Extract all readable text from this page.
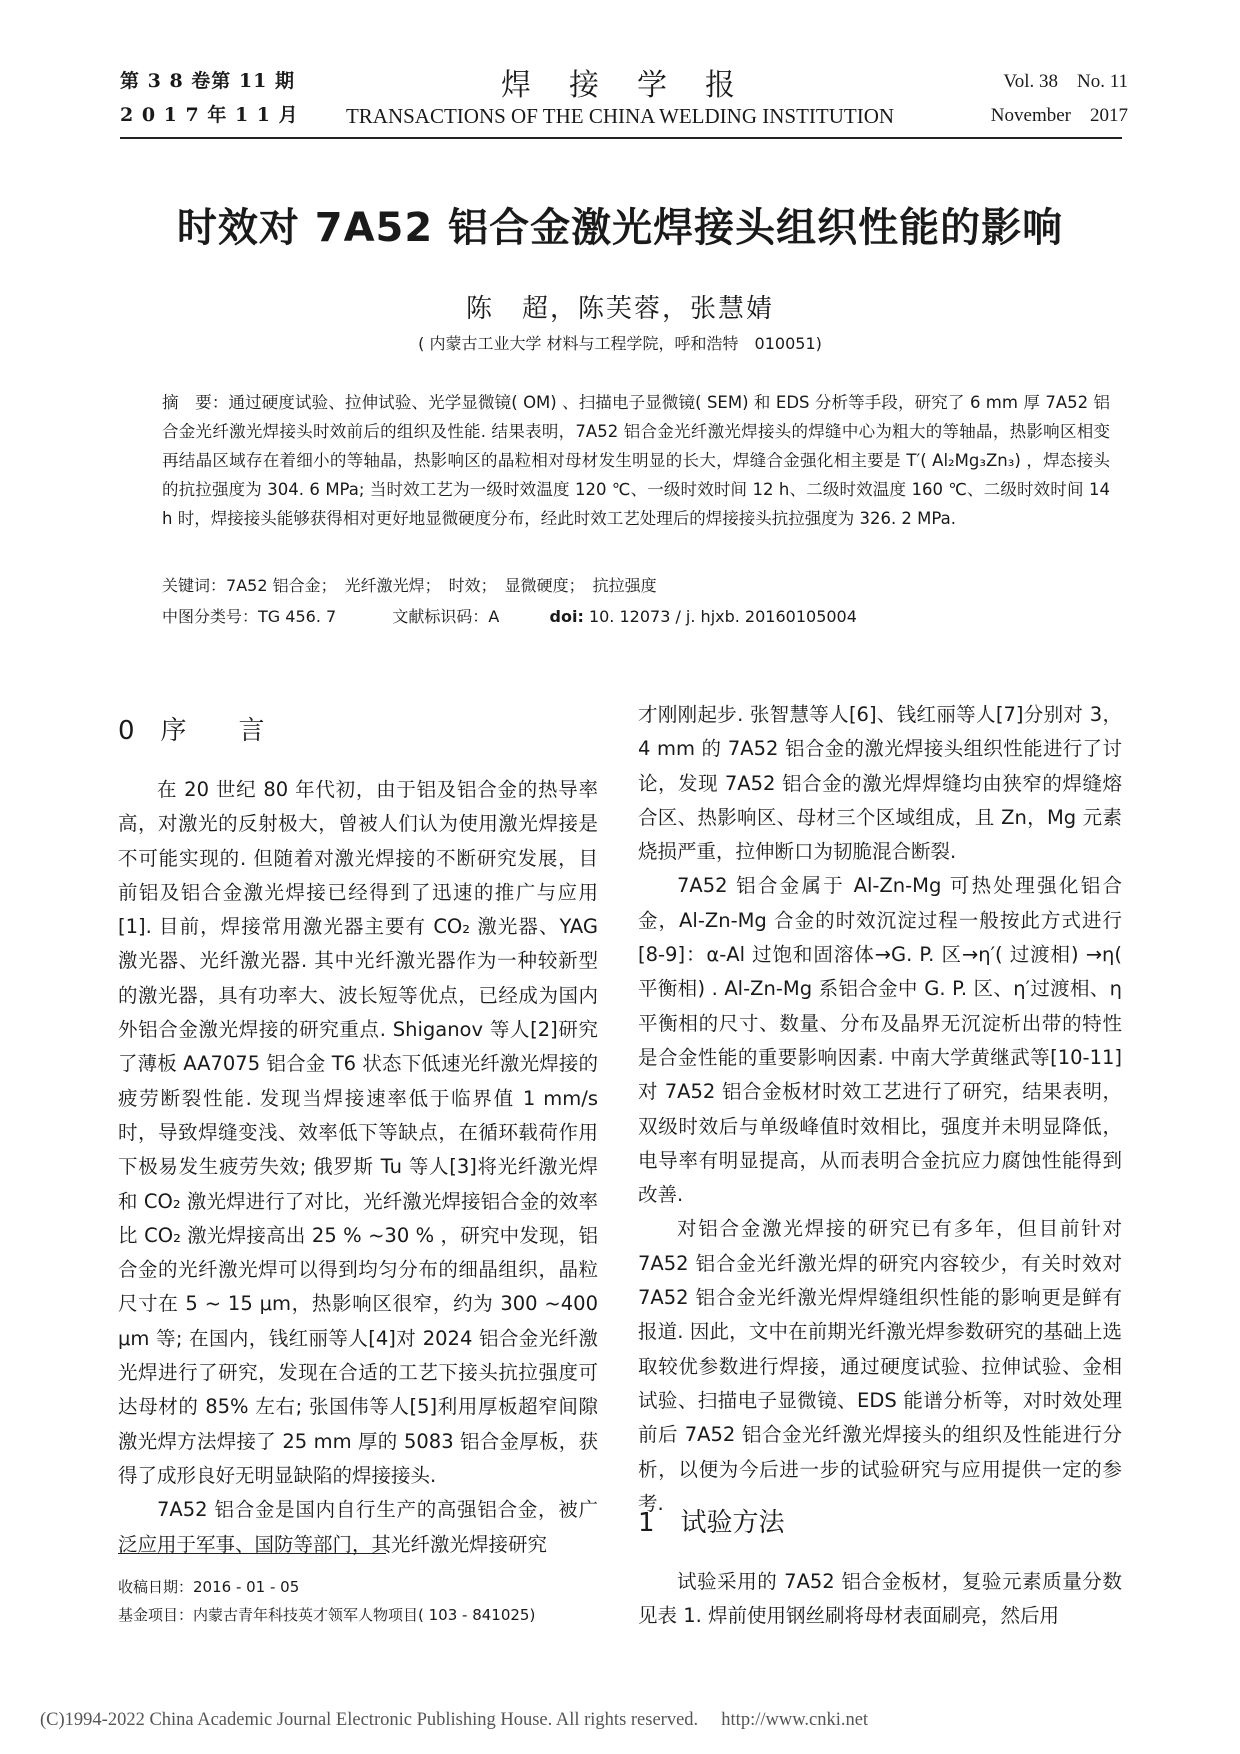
第 3 8 卷第 11 期
2 0 1 7 年 1 1 月
焊　接　学　报
TRANSACTIONS OF THE CHINA WELDING INSTITUTION
Vol. 38　No. 11
November　2017
时效对 7A52 铝合金激光焊接头组织性能的影响
陈　超，陈芙蓉，张慧婧
( 内蒙古工业大学 材料与工程学院，呼和浩特　010051)
摘　要：通过硬度试验、拉伸试验、光学显微镜( OM) 、扫描电子显微镜( SEM) 和 EDS 分析等手段，研究了 6 mm 厚 7A52 铝合金光纤激光焊接头时效前后的组织及性能. 结果表明，7A52 铝合金光纤激光焊接头的焊缝中心为粗大的等轴晶，热影响区相变再结晶区域存在着细小的等轴晶，热影响区的晶粒相对母材发生明显的长大，焊缝合金强化相主要是 T′( Al₂Mg₃Zn₃) ，焊态接头的抗拉强度为 304. 6 MPa; 当时效工艺为一级时效温度 120 ℃、一级时效时间 12 h、二级时效温度 160 ℃、二级时效时间 14 h 时，焊接接头能够获得相对更好地显微硬度分布，经此时效工艺处理后的焊接接头抗拉强度为 326. 2 MPa.
关键词：7A52 铝合金；　光纤激光焊；　时效；　显微硬度；　抗拉强度
中图分类号：TG 456. 7	文献标识码：A	doi: 10. 12073 / j. hjxb. 20160105004
0　序　　言

在 20 世纪 80 年代初，由于铝及铝合金的热导率高，对激光的反射极大，曾被人们认为使用激光焊接是不可能实现的. 但随着对激光焊接的不断研究发展，目前铝及铝合金激光焊接已经得到了迅速的推广与应用[1]. 目前，焊接常用激光器主要有 CO₂ 激光器、YAG 激光器、光纤激光器. 其中光纤激光器作为一种较新型的激光器，具有功率大、波长短等优点，已经成为国内外铝合金激光焊接的研究重点. Shiganov 等人[2]研究了薄板 AA7075 铝合金 T6 状态下低速光纤激光焊接的疲劳断裂性能. 发现当焊接速率低于临界值 1 mm/s 时，导致焊缝变浅、效率低下等缺点，在循环载荷作用下极易发生疲劳失效; 俄罗斯 Tu 等人[3]将光纤激光焊和 CO₂ 激光焊进行了对比，光纤激光焊接铝合金的效率比 CO₂ 激光焊接高出 25 % ~30 % ，研究中发现，铝合金的光纤激光焊可以得到均匀分布的细晶组织，晶粒尺寸在 5 ~ 15 μm，热影响区很窄，约为 300 ~400 μm 等; 在国内，钱红丽等人[4]对 2024 铝合金光纤激光焊进行了研究，发现在合适的工艺下接头抗拉强度可达母材的 85% 左右; 张国伟等人[5]利用厚板超窄间隙激光焊方法焊接了 25 mm 厚的 5083 铝合金厚板，获得了成形良好无明显缺陷的焊接接头.

7A52 铝合金是国内自行生产的高强铝合金，被广泛应用于军事、国防等部门，其光纤激光焊接研究

收稿日期：2016 - 01 - 05
基金项目：内蒙古青年科技英才领军人物项目( 103 - 841025)

才刚刚起步. 张智慧等人[6]、钱红丽等人[7]分别对 3，4 mm 的 7A52 铝合金的激光焊接头组织性能进行了讨论，发现 7A52 铝合金的激光焊焊缝均由狭窄的焊缝熔合区、热影响区、母材三个区域组成，且 Zn，Mg 元素烧损严重，拉伸断口为韧脆混合断裂.

7A52 铝合金属于 Al-Zn-Mg 可热处理强化铝合金，Al-Zn-Mg 合金的时效沉淀过程一般按此方式进行[8-9]：α-Al 过饱和固溶体→G. P. 区→η′( 过渡相) →η( 平衡相) . Al-Zn-Mg 系铝合金中 G. P. 区、η′过渡相、η 平衡相的尺寸、数量、分布及晶界无沉淀析出带的特性是合金性能的重要影响因素. 中南大学黄继武等[10-11]对 7A52 铝合金板材时效工艺进行了研究，结果表明，双级时效后与单级峰值时效相比，强度并未明显降低，电导率有明显提高，从而表明合金抗应力腐蚀性能得到改善.

对铝合金激光焊接的研究已有多年，但目前针对 7A52 铝合金光纤激光焊的研究内容较少，有关时效对 7A52 铝合金光纤激光焊焊缝组织性能的影响更是鲜有报道. 因此，文中在前期光纤激光焊参数研究的基础上选取较优参数进行焊接，通过硬度试验、拉伸试验、金相试验、扫描电子显微镜、EDS 能谱分析等，对时效处理前后 7A52 铝合金光纤激光焊接头的组织及性能进行分析，以便为今后进一步的试验研究与应用提供一定的参考.

1　试验方法

试验采用的 7A52 铝合金板材，复验元素质量分数见表 1. 焊前使用钢丝刷将母材表面刷亮，然后用

(C)1994-2022 China Academic Journal Electronic Publishing House. All rights reserved.　 http://www.cnki.net
